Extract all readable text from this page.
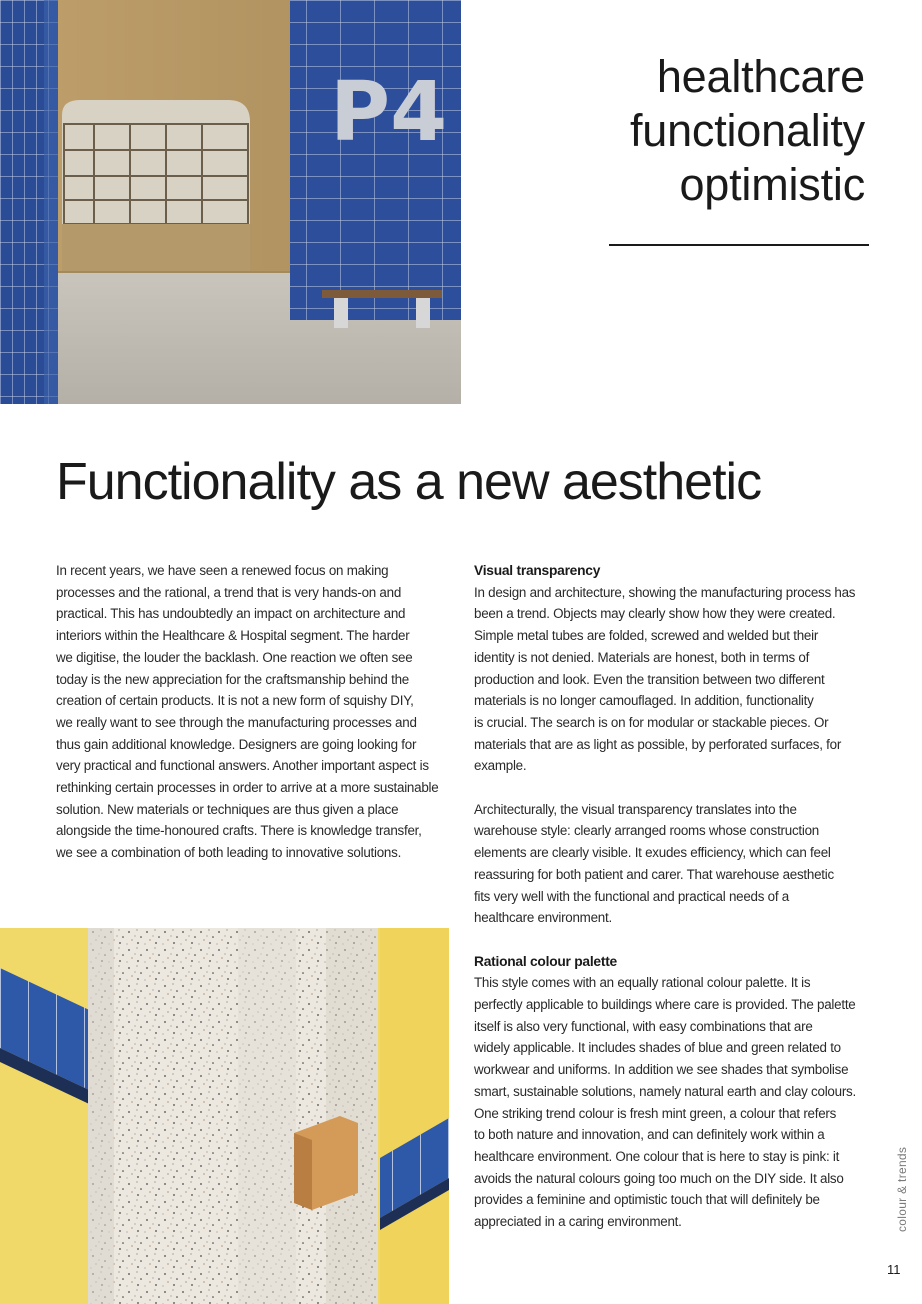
P4	healthcare
functionality
optimistic
Functionality as a new aesthetic

In recent years, we have seen a renewed focus on making

processes and the rational, a trend that is very hands-on and

practical. This has undoubtedly an impact on architecture and

interiors within the Healthcare & Hospital segment. The harder

we digitise, the louder the backlash. One reaction we often see

today is the new appreciation for the craftsmanship behind the

creation of certain products. It is not a new form of squishy DIY,

we really want to see through the manufacturing processes and

thus gain additional knowledge. Designers are going looking for

very practical and functional answers. Another important aspect is

rethinking certain processes in order to arrive at a more sustainable

solution. New materials or techniques are thus given a place

alongside the time-honoured crafts. There is knowledge transfer,

we see a combination of both leading to innovative solutions.

Visual transparency

In design and architecture, showing the manufacturing process has

been a trend. Objects may clearly show how they were created.

Simple metal tubes are folded, screwed and welded but their

identity is not denied. Materials are honest, both in terms of

production and look. Even the transition between two different

materials is no longer camouflaged. In addition, functionality

is crucial. The search is on for modular or stackable pieces. Or

materials that are as light as possible, by perforated surfaces, for

example.

Architecturally, the visual transparency translates into the

warehouse style: clearly arranged rooms whose construction

elements are clearly visible. It exudes efficiency, which can feel

reassuring for both patient and carer. That warehouse aesthetic

fits very well with the functional and practical needs of a

healthcare environment.

Rational colour palette

This style comes with an equally rational colour palette. It is

perfectly applicable to buildings where care is provided. The palette

itself is also very functional, with easy combinations that are

widely applicable. It includes shades of blue and green related to

workwear and uniforms. In addition we see shades that symbolise

smart, sustainable solutions, namely natural earth and clay colours.

One striking trend colour is fresh mint green, a colour that refers

to both nature and innovation, and can definitely work within a

healthcare environment. One colour that is here to stay is pink: it

avoids the natural colours going too much on the DIY side. It also

provides a feminine and optimistic touch that will definitely be

appreciated in a caring environment.	colour & trends
11
